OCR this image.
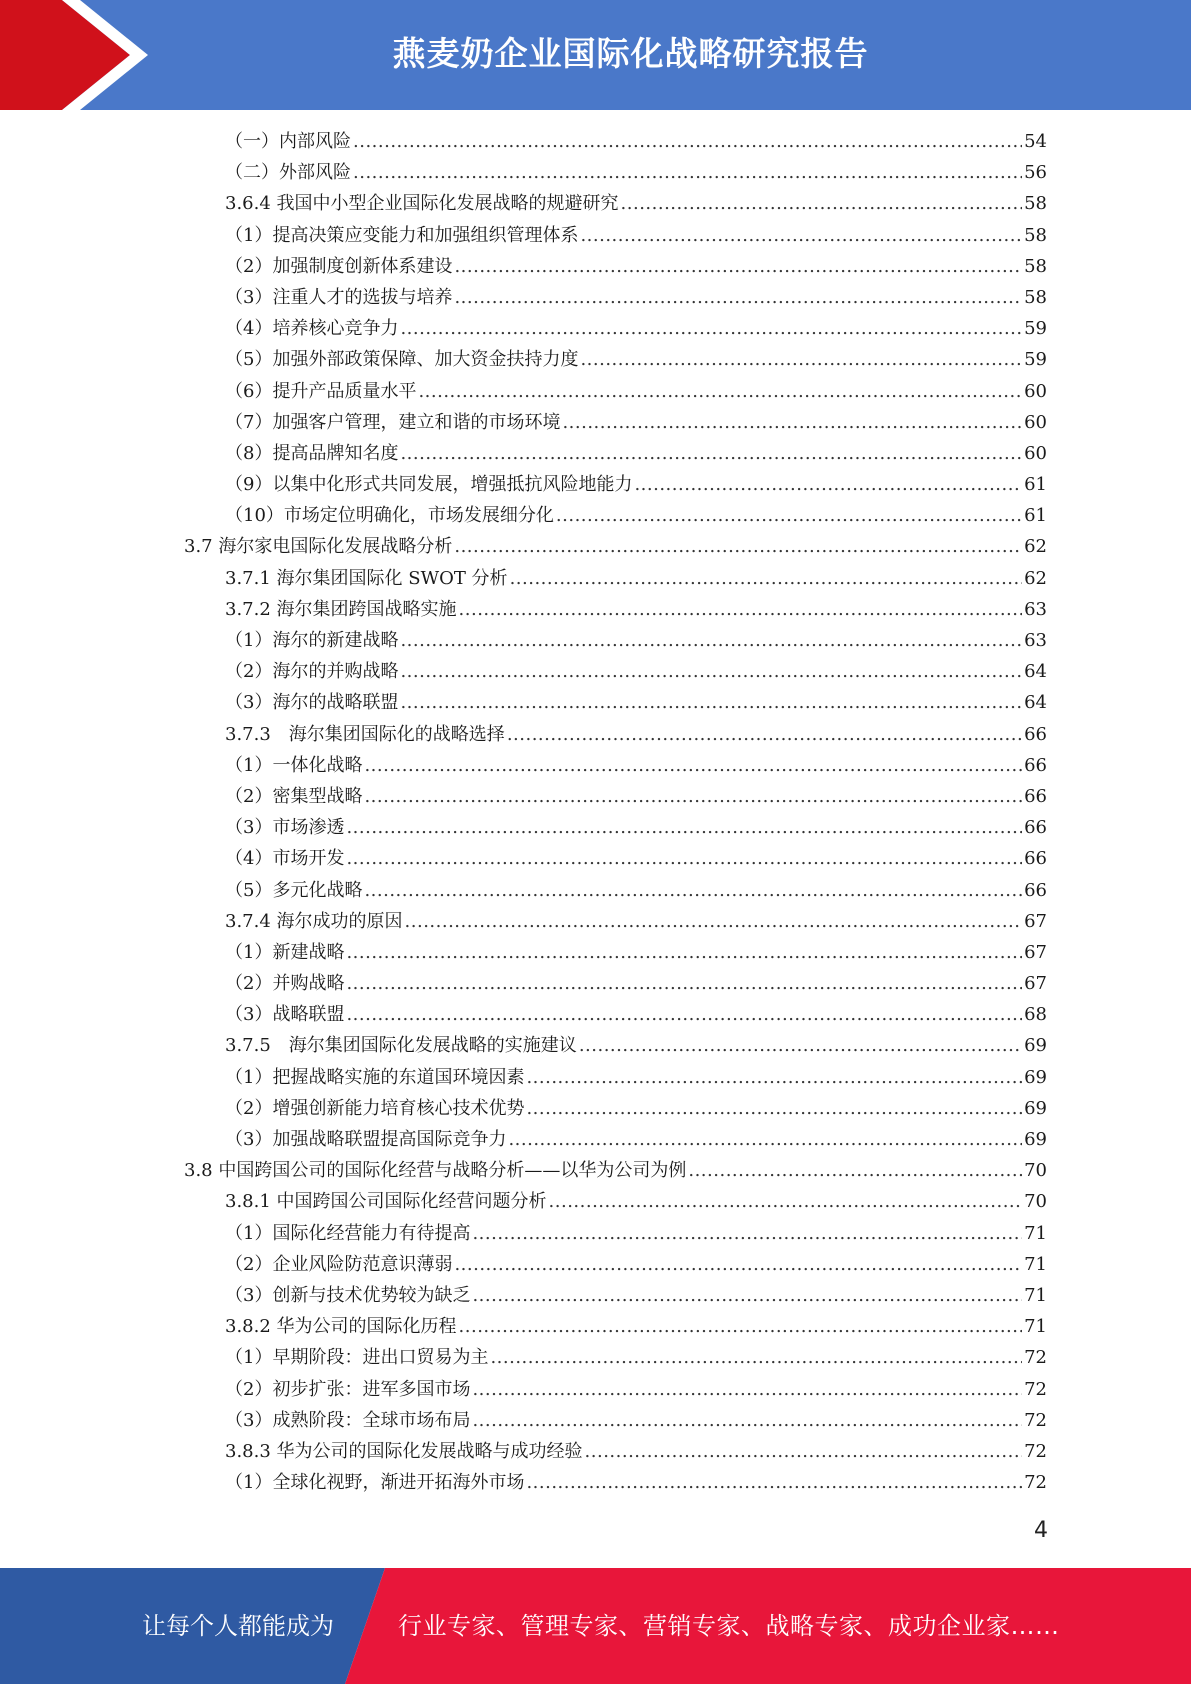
燕麦奶企业国际化战略研究报告
（一）内部风险 .....	54
（二）外部风险 .....	56
3.6.4 我国中小型企业国际化发展战略的规避研究 .....	58
（1）提高决策应变能力和加强组织管理体系 .....	58
（2）加强制度创新体系建设 .....	58
（3）注重人才的选拔与培养 .....	58
（4）培养核心竞争力 .....	59
（5）加强外部政策保障、加大资金扶持力度 .....	59
（6）提升产品质量水平 .....	60
（7）加强客户管理，建立和谐的市场环境 .....	60
（8）提高品牌知名度 .....	60
（9）以集中化形式共同发展，增强抵抗风险地能力 .....	61
（10）市场定位明确化，市场发展细分化 .....	61
3.7 海尔家电国际化发展战略分析 .....	62
3.7.1 海尔集团国际化 SWOT 分析 .....	62
3.7.2 海尔集团跨国战略实施 .....	63
（1）海尔的新建战略 .....	63
（2）海尔的并购战略 .....	64
（3）海尔的战略联盟 .....	64
3.7.3　海尔集团国际化的战略选择 .....	66
（1）一体化战略 .....	66
（2）密集型战略 .....	66
（3）市场渗透 .....	66
（4）市场开发 .....	66
（5）多元化战略 .....	66
3.7.4 海尔成功的原因 .....	67
（1）新建战略 .....	67
（2）并购战略 .....	67
（3）战略联盟 .....	68
3.7.5　海尔集团国际化发展战略的实施建议 .....	69
（1）把握战略实施的东道国环境因素 .....	69
（2）增强创新能力培育核心技术优势 .....	69
（3）加强战略联盟提高国际竞争力 .....	69
3.8 中国跨国公司的国际化经营与战略分析——以华为公司为例 .....	70
3.8.1 中国跨国公司国际化经营问题分析 .....	70
（1）国际化经营能力有待提高 .....	71
（2）企业风险防范意识薄弱 .....	71
（3）创新与技术优势较为缺乏 .....	71
3.8.2 华为公司的国际化历程 .....	71
（1）早期阶段：进出口贸易为主 .....	72
（2）初步扩张：进军多国市场 .....	72
（3）成熟阶段：全球市场布局 .....	72
3.8.3 华为公司的国际化发展战略与成功经验 .....	72
（1）全球化视野，渐进开拓海外市场 .....	72
4
让每个人都能成为	行业专家、管理专家、营销专家、战略专家、成功企业家……
